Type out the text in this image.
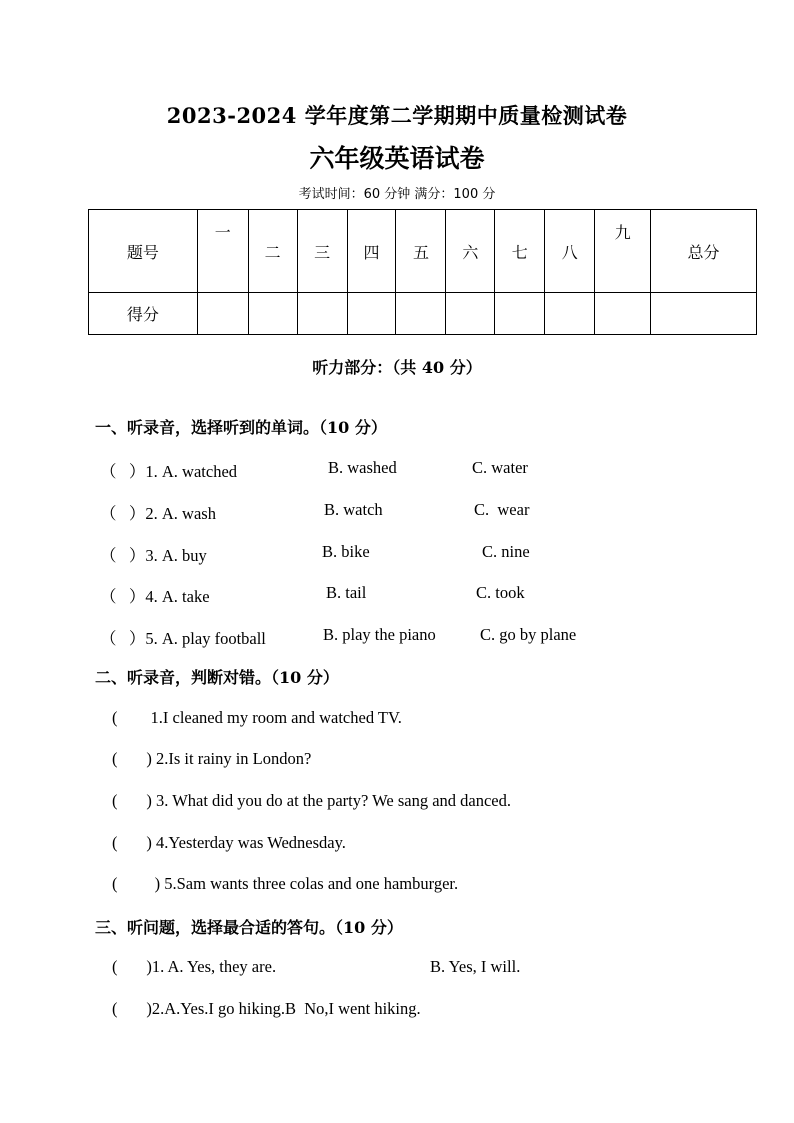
2023-2024 学年度第二学期期中质量检测试卷
六年级英语试卷
考试时间：60 分钟 满分：100 分
题号	一	二	三	四	五	六	七	八	九	总分
得分										
听力部分：（共 40 分）
一、听录音，选择听到的单词。（10 分）
（   ）1. A. watched	B. washed	C. water
（   ）2. A. wash	B. watch	C.  wear
（   ）3. A. buy	B. bike	C. nine
（   ）4. A. take	B. tail	C. took
（   ）5. A. play football	B. play the piano	C. go by plane
二、听录音，判断对错。（10 分）
(        1.I cleaned my room and watched TV.
(       ) 2.Is it rainy in London?
(       ) 3. What did you do at the party? We sang and danced.
(       ) 4.Yesterday was Wednesday.
(         ) 5.Sam wants three colas and one hamburger.
三、听问题，选择最合适的答句。（10 分）
(       )1. A. Yes, they are.	B. Yes, I will.
(       )2.A.Yes.I go hiking.B  No,I went hiking.
